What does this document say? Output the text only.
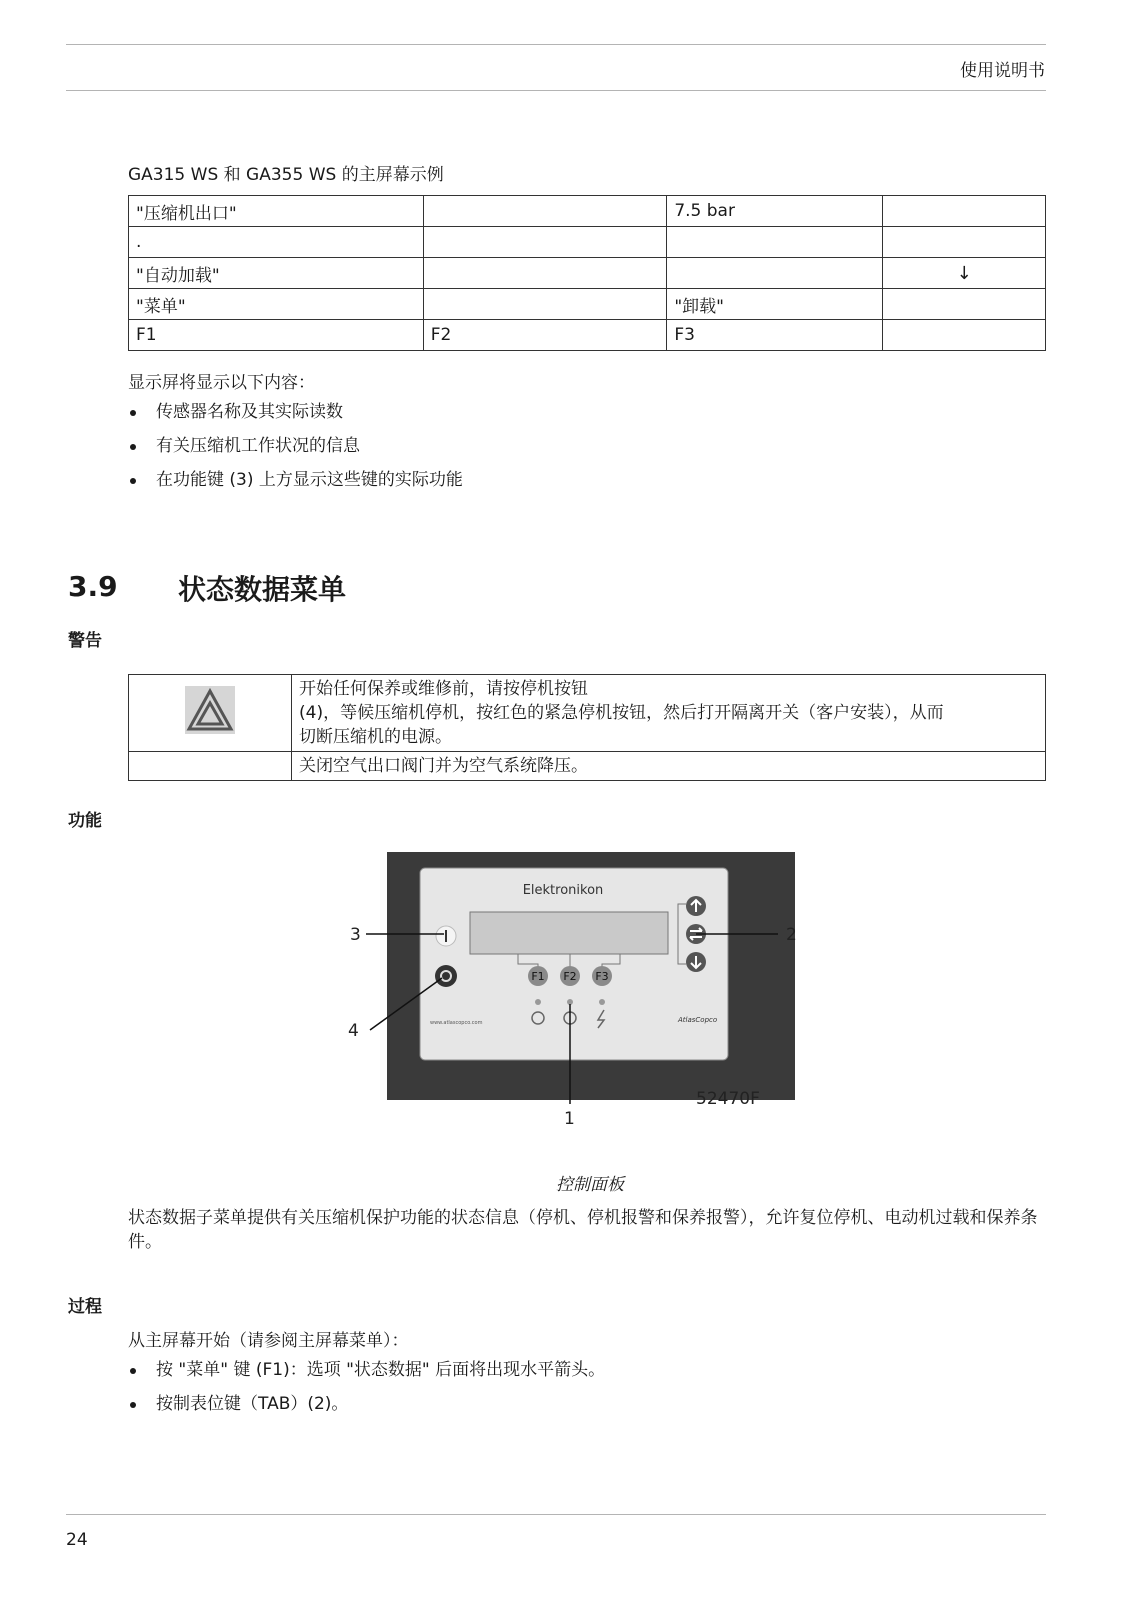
使用说明书
GA315 WS 和 GA355 WS 的主屏幕示例
"压缩机出口"		7.5 bar	
.			
"自动加载"			↓
"菜单"		"卸载"	
F1	F2	F3	
显示屏将显示以下内容：
传感器名称及其实际读数
有关压缩机工作状况的信息
在功能键 (3) 上方显示这些键的实际功能
3.9 状态数据菜单
警告

开始任何保养或维修前，请按停机按钮
(4)，等候压缩机停机，按红色的紧急停机按钮，然后打开隔离开关（客户安装），从而
切断压缩机的电源。

	关闭空气出口阀门并为空气系统降压。
功能
Elektronikon
F1 F2 F3
www.atlascopco.com	AtlasCopco
3
4
2
1
52470F
控制面板
状态数据子菜单提供有关压缩机保护功能的状态信息（停机、停机报警和保养报警），允许复位停机、电动机过载和保养条件。
过程
从主屏幕开始（请参阅主屏幕菜单）：
按 "菜单" 键 (F1)：选项 "状态数据" 后面将出现水平箭头。
按制表位键（TAB）(2)。
24
